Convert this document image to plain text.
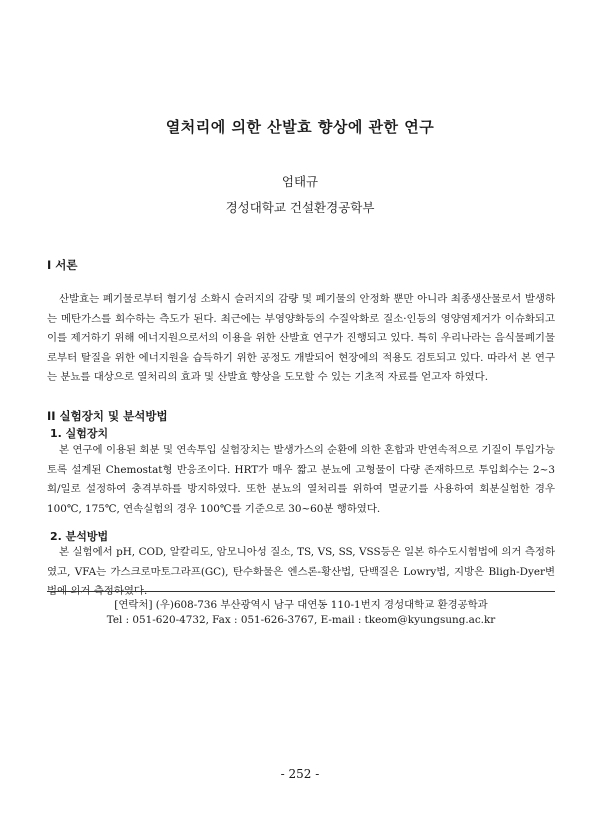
열처리에 의한 산발효 향상에 관한 연구
엄태규
경성대학교 건설환경공학부
I 서론
산발효는 폐기물로부터 혐기성 소화시 슬러지의 감량 및 폐기물의 안정화 뿐만 아니라 최종생산물로서 발생하는 메탄가스를 회수하는 측도가 된다. 최근에는 부영양화등의 수질악화로 질소·인등의 영양염제거가 이슈화되고 이를 제거하기 위해 에너지원으로서의 이용을 위한 산발효 연구가 진행되고 있다. 특히 우리나라는 음식물폐기물로부터 탈질을 위한 에너지원을 습득하기 위한 공정도 개발되어 현장에의 적용도 검토되고 있다. 따라서 본 연구는 분뇨를 대상으로 열처리의 효과 및 산발효 향상을 도모할 수 있는 기초적 자료를 얻고자 하였다.
II 실험장치 및 분석방법
1. 실험장치
본 연구에 이용된 회분 및 연속투입 실험장치는 발생가스의 순환에 의한 혼합과 반연속적으로 기질이 투입가능토록 설계된 Chemostat형 반응조이다. HRT가 매우 짧고 분뇨에 고형물이 다량 존재하므로 투입회수는 2~3회/일로 설정하여 충격부하를 방지하였다. 또한 분뇨의 열처리를 위하여 멸균기를 사용하여 회분실험한 경우 100℃, 175℃, 연속실험의 경우 100℃를 기준으로 30~60분 행하였다.
2. 분석방법
본 실험에서 pH, COD, 알칼리도, 암모니아성 질소, TS, VS, SS, VSS등은 일본 하수도시험법에 의거 측정하였고, VFA는 가스크로마토그라프(GC), 탄수화물은 엔스론-황산법, 단백질은 Lowry법, 지방은 Bligh-Dyer변법에 의거 측정하였다.
[연락처] (우)608-736 부산광역시 남구 대연동 110-1번지 경성대학교 환경공학과
Tel : 051-620-4732, Fax : 051-626-3767, E-mail : tkeom@kyungsung.ac.kr
- 252 -
